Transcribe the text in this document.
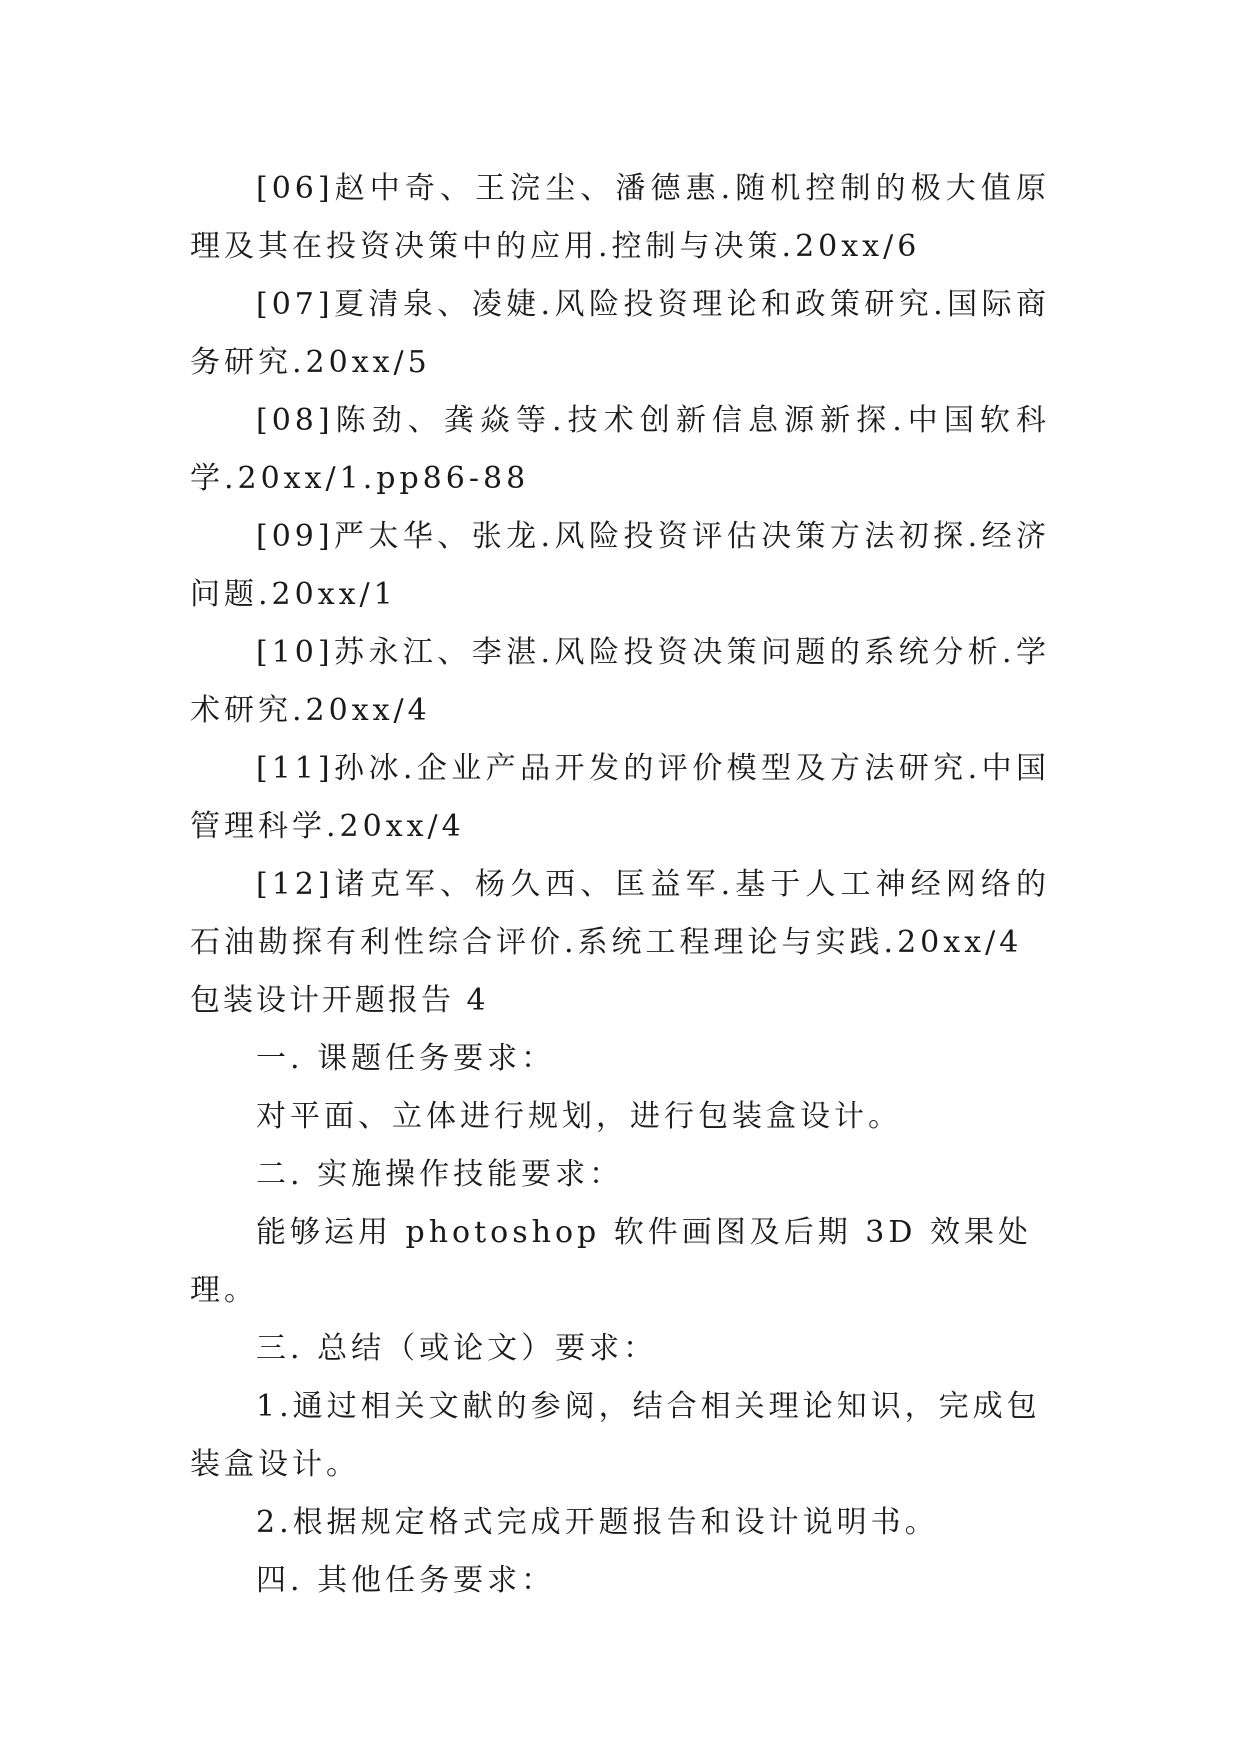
[06]赵中奇、王浣尘、潘德惠.随机控制的极大值原理及其在投资决策中的应用.控制与决策.20xx/6

[07]夏清泉、凌婕.风险投资理论和政策研究.国际商务研究.20xx/5

[08]陈劲、龚焱等.技术创新信息源新探.中国软科学.20xx/1.pp86-88

[09]严太华、张龙.风险投资评估决策方法初探.经济问题.20xx/1

[10]苏永江、李湛.风险投资决策问题的系统分析.学术研究.20xx/4

[11]孙冰.企业产品开发的评价模型及方法研究.中国管理科学.20xx/4

[12]诸克军、杨久西、匡益军.基于人工神经网络的石油勘探有利性综合评价.系统工程理论与实践.20xx/4

包装设计开题报告 4

一. 课题任务要求：

对平面、立体进行规划，进行包装盒设计。

二. 实施操作技能要求：

能够运用 photoshop 软件画图及后期 3D 效果处理。

三. 总结（或论文）要求：

1.通过相关文献的参阅，结合相关理论知识，完成包装盒设计。

2.根据规定格式完成开题报告和设计说明书。

四. 其他任务要求：
